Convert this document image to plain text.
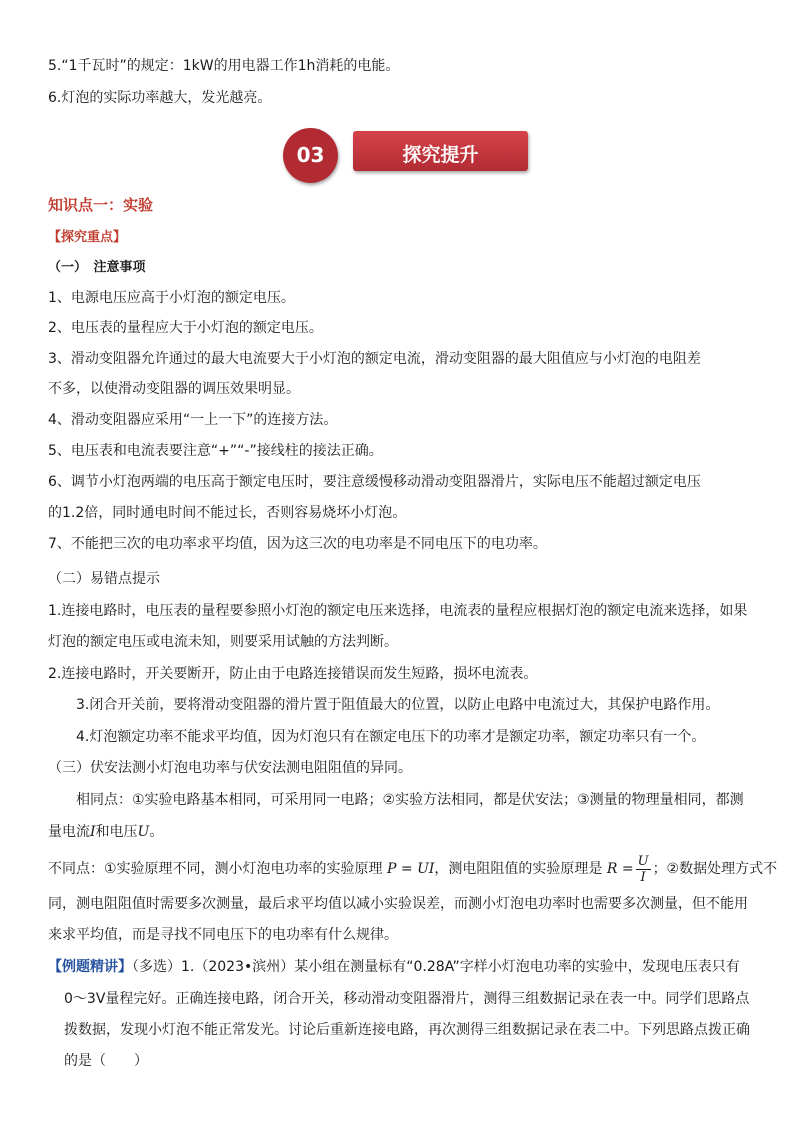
5.“1千瓦时”的规定：1kW的用电器工作1h消耗的电能。
6.灯泡的实际功率越大，发光越亮。
03	探究提升
知识点一：实验
【探究重点】
（一）　注意事项
1、电源电压应高于小灯泡的额定电压。
2、电压表的量程应大于小灯泡的额定电压。
3、滑动变阻器允许通过的最大电流要大于小灯泡的额定电流，滑动变阻器的最大阻值应与小灯泡的电阻差
不多，以使滑动变阻器的调压效果明显。
4、滑动变阻器应采用“一上一下”的连接方法。
5、电压表和电流表要注意“+”“-”接线柱的接法正确。
6、调节小灯泡两端的电压高于额定电压时，要注意缓慢移动滑动变阻器滑片，实际电压不能超过额定电压
的1.2倍，同时通电时间不能过长，否则容易烧坏小灯泡。
7、不能把三次的电功率求平均值，因为这三次的电功率是不同电压下的电功率。
（二）易错点提示
1.连接电路时，电压表的量程要参照小灯泡的额定电压来选择，电流表的量程应根据灯泡的额定电流来选择，如果
灯泡的额定电压或电流未知，则要采用试触的方法判断。
2.连接电路时，开关要断开，防止由于电路连接错误而发生短路，损坏电流表。
3.闭合开关前，要将滑动变阻器的滑片置于阻值最大的位置，以防止电路中电流过大，其保护电路作用。
4.灯泡额定功率不能求平均值，因为灯泡只有在额定电压下的功率才是额定功率，额定功率只有一个。
（三）伏安法测小灯泡电功率与伏安法测电阻阻值的异同。
相同点：①实验电路基本相同，可采用同一电路；②实验方法相同，都是伏安法；③测量的物理量相同，都测
量电流I和电压U。
不同点：①实验原理不同，测小灯泡电功率的实验原理 P = UI，测电阻阻值的实验原理是 $R = \frac{U}{I}$ ；②数据处理方式不
同，测电阻阻值时需要多次测量，最后求平均值以减小实验误差，而测小灯泡电功率时也需要多次测量，但不能用
来求平均值，而是寻找不同电压下的电功率有什么规律。
【例题精讲】（多选）1.（2023•滨州）某小组在测量标有“0.28A”字样小灯泡电功率的实验中，发现电压表只有
0～3V量程完好。正确连接电路，闭合开关，移动滑动变阻器滑片，测得三组数据记录在表一中。同学们思路点
拨数据，发现小灯泡不能正常发光。讨论后重新连接电路，再次测得三组数据记录在表二中。下列思路点拨正确
的是（　　）
